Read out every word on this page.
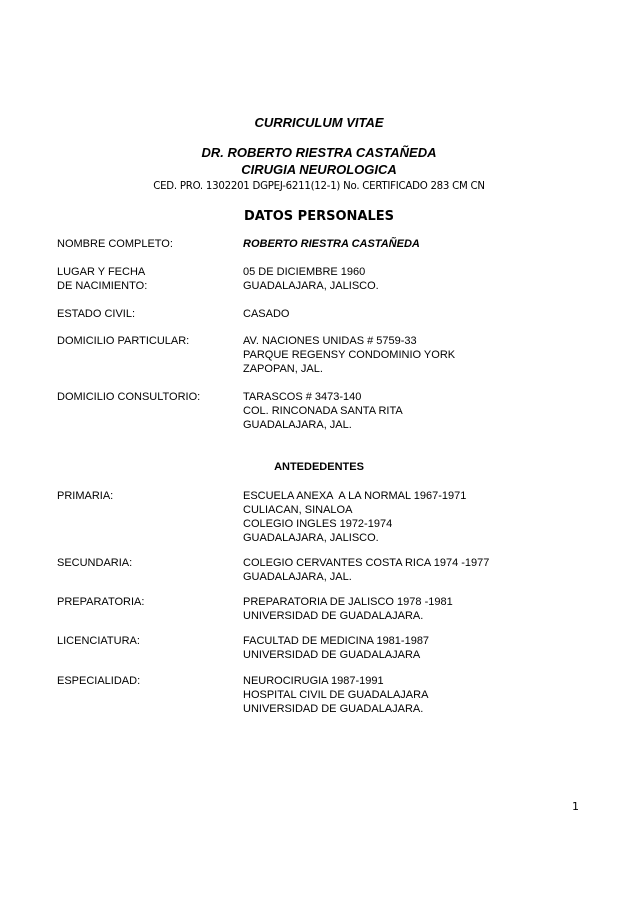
CURRICULUM VITAE
DR. ROBERTO RIESTRA CASTAÑEDA
CIRUGIA NEUROLOGICA
CED. PRO. 1302201 DGPEJ-6211(12-1) No. CERTIFICADO 283 CM CN
DATOS PERSONALES
NOMBRE COMPLETO:	ROBERTO RIESTRA CASTAÑEDA
LUGAR Y FECHA
DE NACIMIENTO:
05 DE DICIEMBRE 1960
GUADALAJARA, JALISCO.
ESTADO CIVIL:	CASADO
DOMICILIO PARTICULAR:	AV. NACIONES UNIDAS # 5759-33
PARQUE REGENSY CONDOMINIO YORK
ZAPOPAN, JAL.
DOMICILIO CONSULTORIO:	TARASCOS # 3473-140
COL. RINCONADA SANTA RITA
GUADALAJARA, JAL.
ANTEDEDENTES
PRIMARIA:	ESCUELA ANEXA  A LA NORMAL 1967-1971
CULIACAN, SINALOA
COLEGIO INGLES 1972-1974
GUADALAJARA, JALISCO.
SECUNDARIA:	COLEGIO CERVANTES COSTA RICA 1974 -1977
GUADALAJARA, JAL.
PREPARATORIA:	PREPARATORIA DE JALISCO 1978 -1981
UNIVERSIDAD DE GUADALAJARA.
LICENCIATURA:	FACULTAD DE MEDICINA 1981-1987
UNIVERSIDAD DE GUADALAJARA
ESPECIALIDAD:	NEUROCIRUGIA 1987-1991
HOSPITAL CIVIL DE GUADALAJARA
UNIVERSIDAD DE GUADALAJARA.
1
